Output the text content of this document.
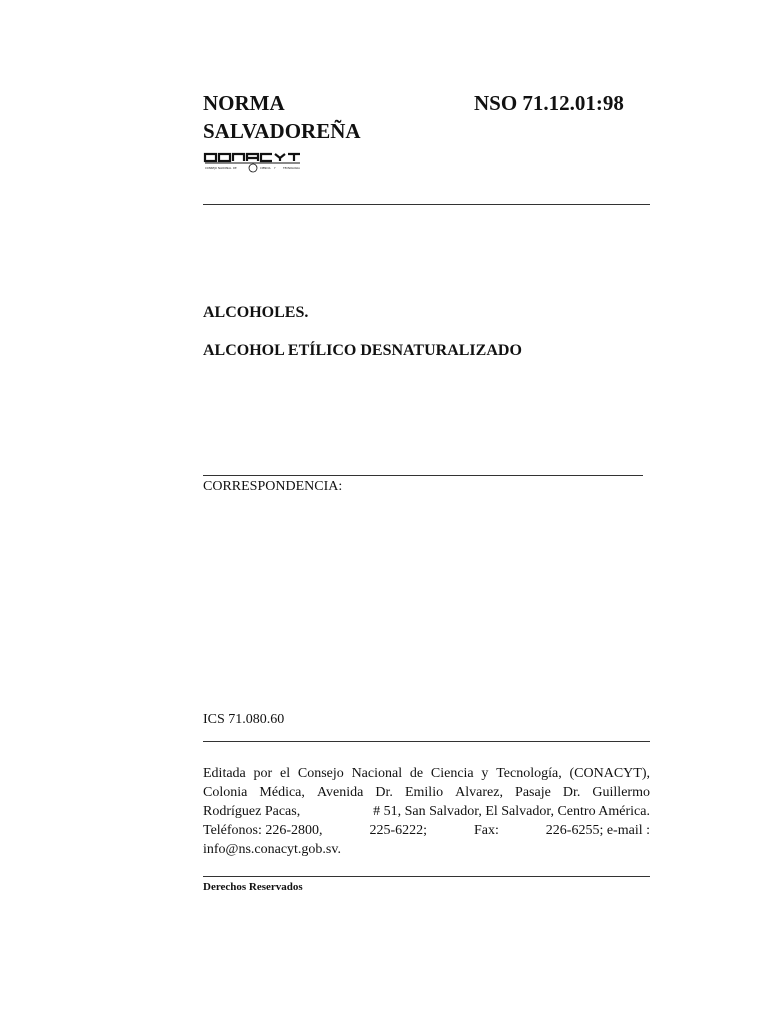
NORMA
SALVADOREÑA
NSO 71.12.01:98
CONSEJO NACIONAL DE	CIENCIA Y	TECNOLOGIA
ALCOHOLES.
ALCOHOL ETÍLICO DESNATURALIZADO
CORRESPONDENCIA:
ICS 71.080.60
Editada por el Consejo Nacional de Ciencia y Tecnología, (CONACYT),
Colonia Médica, Avenida Dr. Emilio Alvarez, Pasaje Dr. Guillermo
Rodríguez Pacas,	# 51, San Salvador, El Salvador, Centro América.
Teléfonos: 226-2800,	225-6222;	Fax:	226-6255; e-mail :
info@ns.conacyt.gob.sv.
Derechos Reservados
